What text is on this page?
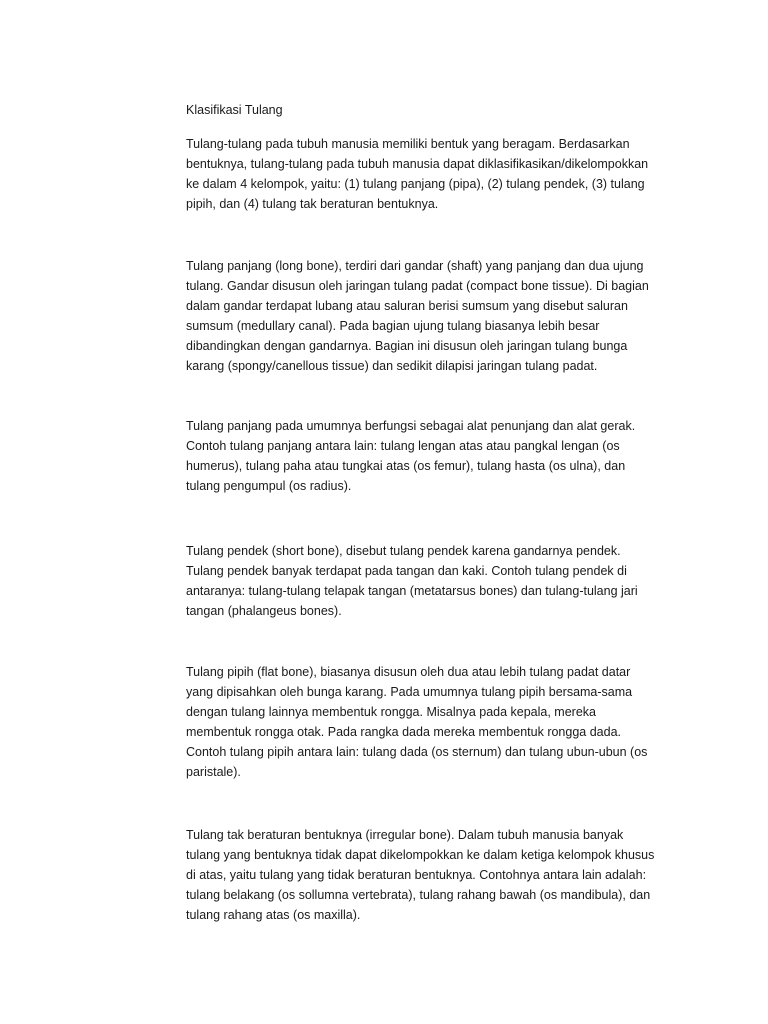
Klasifikasi Tulang
Tulang-tulang pada tubuh manusia memiliki bentuk yang beragam. Berdasarkan
bentuknya, tulang-tulang pada tubuh manusia dapat diklasifikasikan/dikelompokkan
ke dalam 4 kelompok, yaitu: (1) tulang panjang (pipa), (2) tulang pendek, (3) tulang
pipih, dan (4) tulang tak beraturan bentuknya.
Tulang panjang (long bone), terdiri dari gandar (shaft) yang panjang dan dua ujung
tulang. Gandar disusun oleh jaringan tulang padat (compact bone tissue). Di bagian
dalam gandar terdapat lubang atau saluran berisi sumsum yang disebut saluran
sumsum (medullary canal). Pada bagian ujung tulang biasanya lebih besar
dibandingkan dengan gandarnya. Bagian ini disusun oleh jaringan tulang bunga
karang (spongy/canellous tissue) dan sedikit dilapisi jaringan tulang padat.
Tulang panjang pada umumnya berfungsi sebagai alat penunjang dan alat gerak.
Contoh tulang panjang antara lain: tulang lengan atas atau pangkal lengan (os
humerus), tulang paha atau tungkai atas (os femur), tulang hasta (os ulna), dan
tulang pengumpul (os radius).
Tulang pendek (short bone), disebut tulang pendek karena gandarnya pendek.
Tulang pendek banyak terdapat pada tangan dan kaki. Contoh tulang pendek di
antaranya: tulang-tulang telapak tangan (metatarsus bones) dan tulang-tulang jari
tangan (phalangeus bones).
Tulang pipih (flat bone), biasanya disusun oleh dua atau lebih tulang padat datar
yang dipisahkan oleh bunga karang. Pada umumnya tulang pipih bersama-sama
dengan tulang lainnya membentuk rongga. Misalnya pada kepala, mereka
membentuk rongga otak. Pada rangka dada mereka membentuk rongga dada.
Contoh tulang pipih antara lain: tulang dada (os sternum) dan tulang ubun-ubun (os
paristale).
Tulang tak beraturan bentuknya (irregular bone). Dalam tubuh manusia banyak
tulang yang bentuknya tidak dapat dikelompokkan ke dalam ketiga kelompok khusus
di atas, yaitu tulang yang tidak beraturan bentuknya. Contohnya antara lain adalah:
tulang belakang (os sollumna vertebrata), tulang rahang bawah (os mandibula), dan
tulang rahang atas (os maxilla).
